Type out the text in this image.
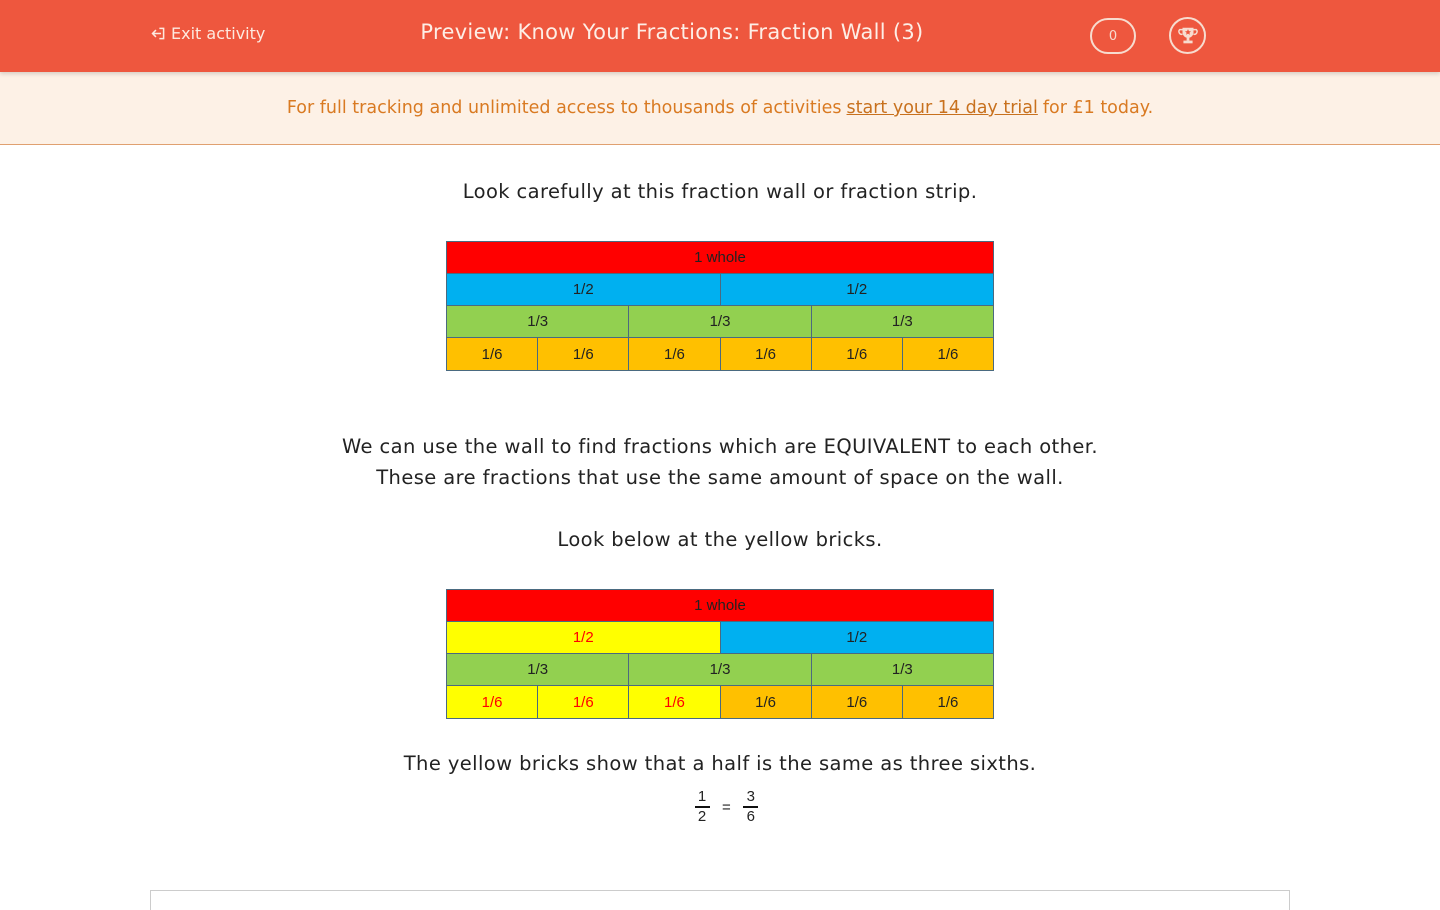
Exit activity	Preview: Know Your Fractions: Fraction Wall (3)	0
For full tracking and unlimited access to thousands of activities start your 14 day trial for £1 today.
Look carefully at this fraction wall or fraction strip.
1 whole
1/2	1/2
1/3	1/3	1/3
1/6	1/6	1/6	1/6	1/6	1/6
We can use the wall to find fractions which are EQUIVALENT to each other.
These are fractions that use the same amount of space on the wall.
Look below at the yellow bricks.
1 whole
1/2	1/2
1/3	1/3	1/3
1/6	1/6	1/6	1/6	1/6	1/6
The yellow bricks show that a half is the same as three sixths.
$\frac{1}{2} = \frac{3}{6}$
